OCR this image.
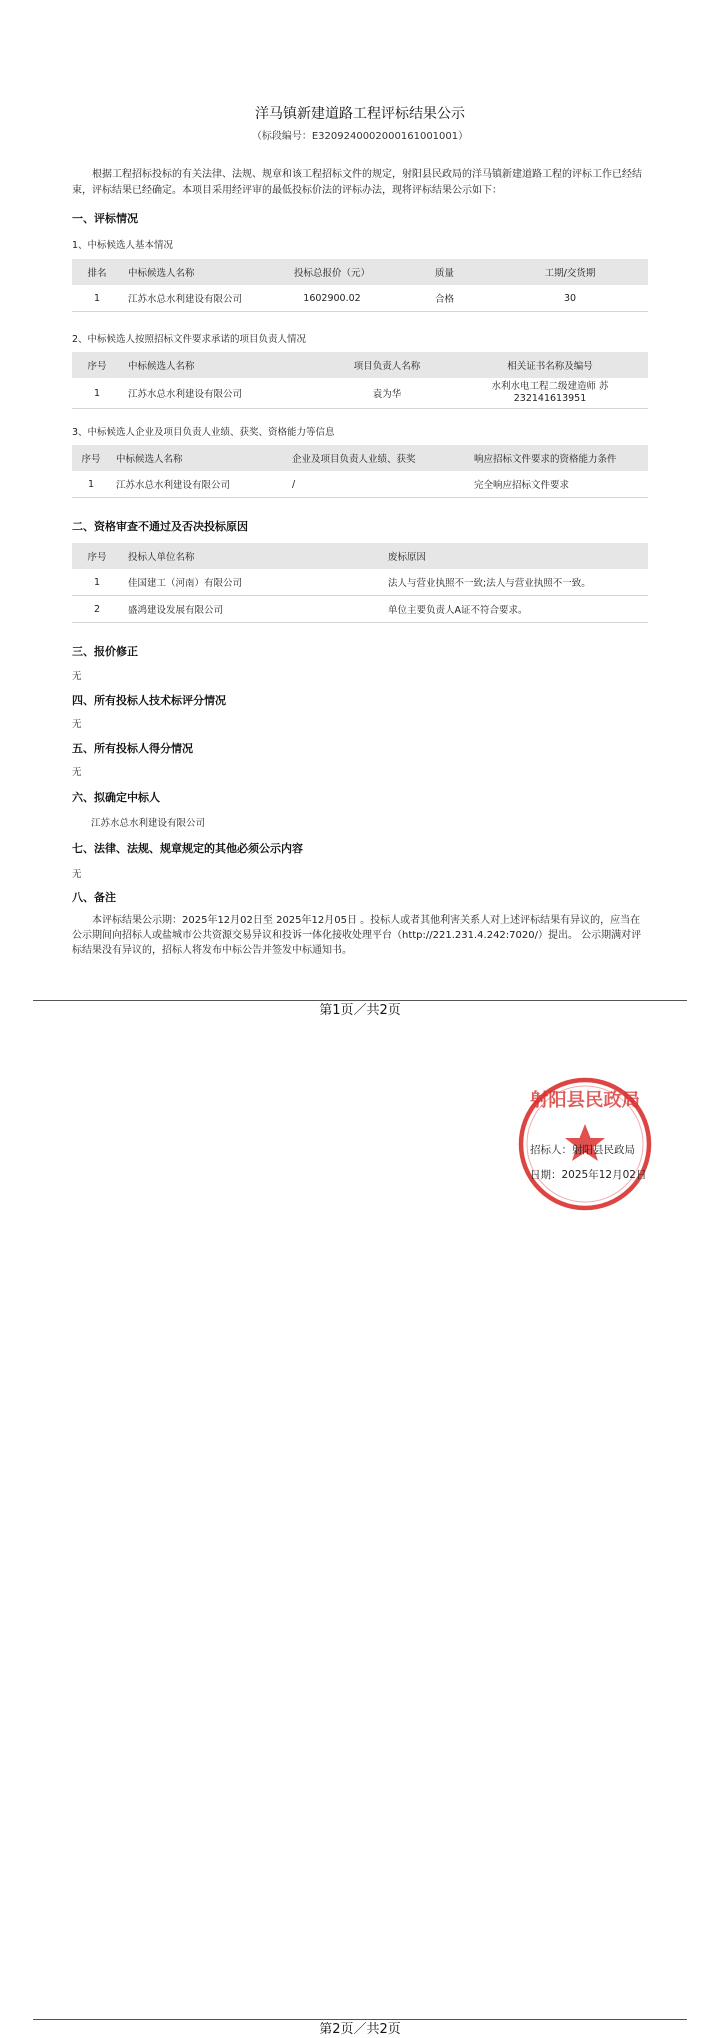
洋马镇新建道路工程评标结果公示
（标段编号：E3209240002000161001001）
根据工程招标投标的有关法律、法规、规章和该工程招标文件的规定，射阳县民政局的洋马镇新建道路工程的评标工作已经结束，评标结果已经确定。本项目采用经评审的最低投标价法的评标办法，现将评标结果公示如下：
一、评标情况
1、中标候选人基本情况
排名	中标候选人名称	投标总报价（元）	质量	工期/交货期
1	江苏水总水利建设有限公司	1602900.02	合格	30
2、中标候选人按照招标文件要求承诺的项目负责人情况
序号	中标候选人名称	项目负责人名称	相关证书名称及编号
1	江苏水总水利建设有限公司	袁为华	水利水电工程二级建造师 苏232141613951
3、中标候选人企业及项目负责人业绩、获奖、资格能力等信息
序号	中标候选人名称	企业及项目负责人业绩、获奖	响应招标文件要求的资格能力条件
1	江苏水总水利建设有限公司	/	完全响应招标文件要求
二、资格审查不通过及否决投标原因
序号	投标人单位名称	废标原因
1	佳国建工（河南）有限公司	法人与营业执照不一致;法人与营业执照不一致。
2	盛鸿建设发展有限公司	单位主要负责人A证不符合要求。
三、报价修正
无
四、所有投标人技术标评分情况
无
五、所有投标人得分情况
无
六、拟确定中标人
江苏水总水利建设有限公司
七、法律、法规、规章规定的其他必须公示内容
无
八、备注
本评标结果公示期：2025年12月02日至 2025年12月05日 。投标人或者其他利害关系人对上述评标结果有异议的，应当在公示期间向招标人或盐城市公共资源交易异议和投诉一体化接收处理平台（http://221.231.4.242:7020/）提出。 公示期满对评标结果没有异议的，招标人将发布中标公告并签发中标通知书。
第1页／共2页
射阳县民政局
招标人：射阳县民政局
日期：2025年12月02日
第2页／共2页
